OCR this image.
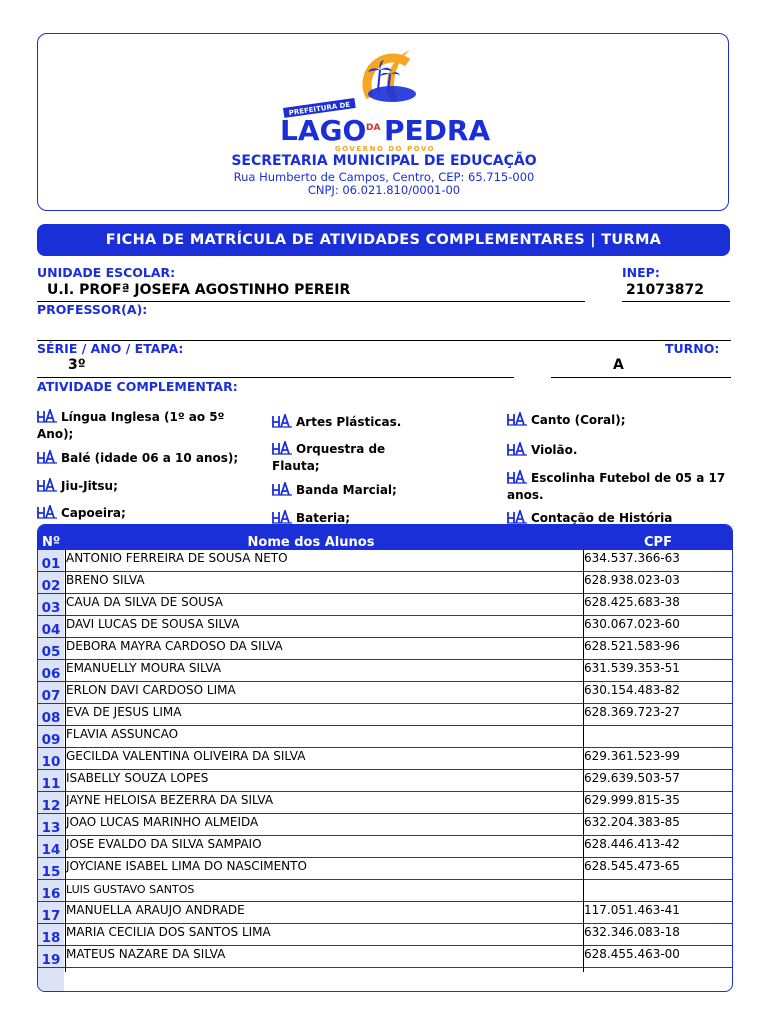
PREFEITURA DE
LAGO DA PEDRA
GOVERNO DO POVO
SECRETARIA MUNICIPAL DE EDUCAÇÃO
Rua Humberto de Campos, Centro, CEP: 65.715-000
CNPJ: 06.021.810/0001-00
FICHA DE MATRÍCULA DE ATIVIDADES COMPLEMENTARES | TURMA
UNIDADE ESCOLAR:
U.I. PROFª JOSEFA AGOSTINHO PEREIR
INEP:
21073872
PROFESSOR(A):
SÉRIE / ANO / ETAPA:
3º
TURNO:
A
ATIVIDADE COMPLEMENTAR:
Língua Inglesa (1º ao 5º Ano);
Balé (idade 06 a 10 anos);
Jiu-Jitsu;
Capoeira;
Artes Plásticas.
Orquestra de Flauta;
Banda Marcial;
Bateria;
Canto (Coral);
Violão.
Escolinha Futebol de 05 a 17 anos.
Contação de História
Nº	Nome dos Alunos	CPF
01 ANTONIO FERREIRA DE SOUSA NETO	634.537.366-63
02 BRENO SILVA	628.938.023-03
03 CAUA DA SILVA DE SOUSA	628.425.683-38
04 DAVI LUCAS DE SOUSA SILVA	630.067.023-60
05 DEBORA MAYRA CARDOSO DA SILVA	628.521.583-96
06 EMANUELLY MOURA SILVA	631.539.353-51
07 ERLON DAVI CARDOSO LIMA	630.154.483-82
08 EVA DE JESUS LIMA	628.369.723-27
09 FLAVIA ASSUNCAO
10 GECILDA VALENTINA OLIVEIRA DA SILVA	629.361.523-99
11 ISABELLY SOUZA LOPES	629.639.503-57
12 JAYNE HELOISA BEZERRA DA SILVA	629.999.815-35
13 JOAO LUCAS MARINHO ALMEIDA	632.204.383-85
14 JOSE EVALDO DA SILVA SAMPAIO	628.446.413-42
15 JOYCIANE ISABEL LIMA DO NASCIMENTO	628.545.473-65
16 LUIS GUSTAVO SANTOS
17 MANUELLA ARAUJO ANDRADE	117.051.463-41
18 MARIA CECILIA DOS SANTOS LIMA	632.346.083-18
19 MATEUS NAZARE DA SILVA	628.455.463-00
